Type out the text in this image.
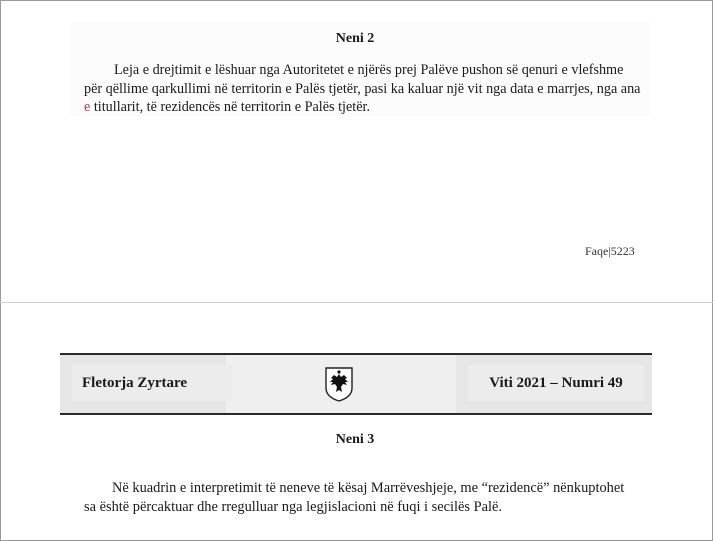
Neni 2

Leja e drejtimit e lëshuar nga Autoritetet e njërës prej Palëve pushon së qenuri e vlefshme

për qëllime qarkullimi në territorin e Palës tjetër, pasi ka kaluar një vit nga data e marrjes, nga ana

e titullarit, të rezidencës në territorin e Palës tjetër.

Faqe|5223
Fletorja Zyrtare	Viti 2021 – Numri 49
Neni 3

Në kuadrin e interpretimit të neneve të kësaj Marrëveshjeje, me “rezidencë” nënkuptohet

sa është përcaktuar dhe rregulluar nga legjislacioni në fuqi i secilës Palë.
